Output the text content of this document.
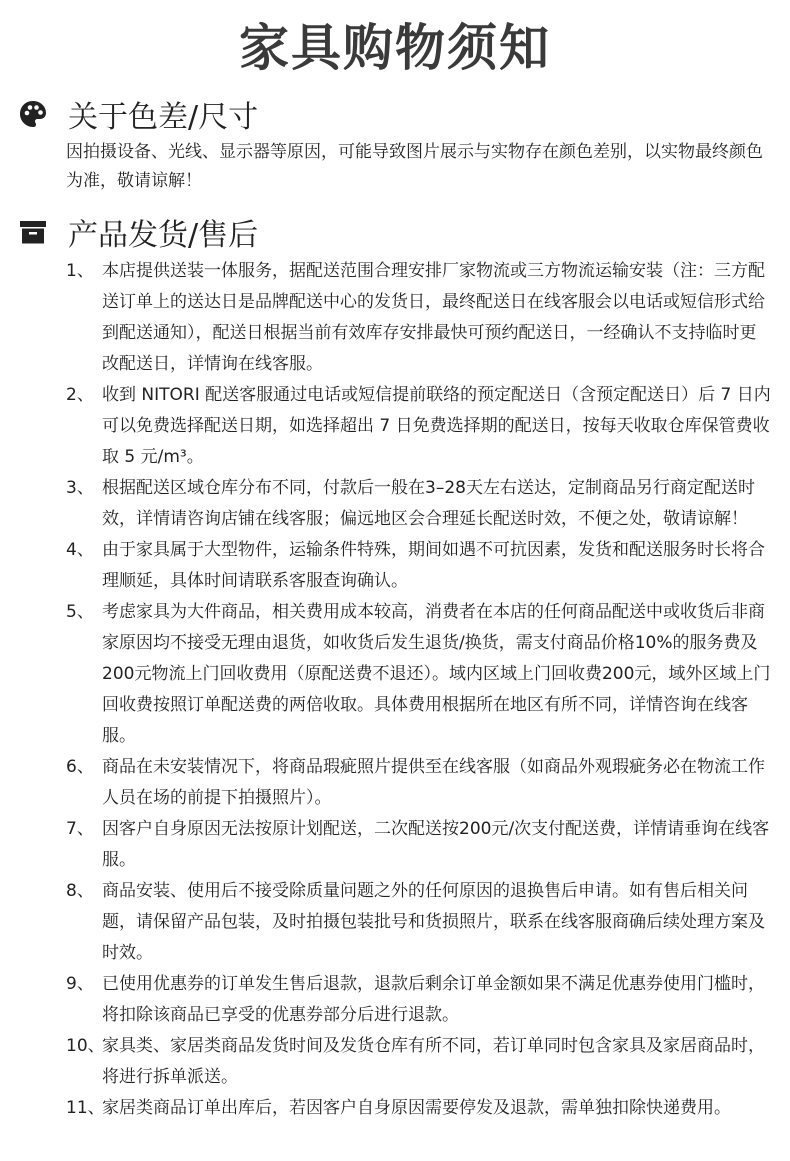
家具购物须知
关于色差/尺寸

因拍摄设备、光线、显示器等原因，可能导致图片展示与实物存在颜色差别，以实物最终颜色为准，敬请谅解！

产品发货/售后
1、 本店提供送装一体服务，据配送范围合理安排厂家物流或三方物流运输安装（注：三方配送订单上的送达日是品牌配送中心的发货日，最终配送日在线客服会以电话或短信形式给到配送通知），配送日根据当前有效库存安排最快可预约配送日，一经确认不支持临时更改配送日，详情询在线客服。
2、 收到 NITORI 配送客服通过电话或短信提前联络的预定配送日（含预定配送日）后 7 日内可以免费选择配送日期，如选择超出 7 日免费选择期的配送日，按每天收取仓库保管费收取 5 元/m³。
3、 根据配送区域仓库分布不同，付款后一般在3–28天左右送达，定制商品另行商定配送时效，详情请咨询店铺在线客服；偏远地区会合理延长配送时效，不便之处，敬请谅解！
4、 由于家具属于大型物件，运输条件特殊，期间如遇不可抗因素，发货和配送服务时长将合理顺延，具体时间请联系客服查询确认。
5、 考虑家具为大件商品，相关费用成本较高，消费者在本店的任何商品配送中或收货后非商家原因均不接受无理由退货，如收货后发生退货/换货，需支付商品价格10%的服务费及200元物流上门回收费用（原配送费不退还）。域内区域上门回收费200元，域外区域上门回收费按照订单配送费的两倍收取。具体费用根据所在地区有所不同，详情咨询在线客服。
6、 商品在未安装情况下，将商品瑕疵照片提供至在线客服（如商品外观瑕疵务必在物流工作人员在场的前提下拍摄照片）。
7、 因客户自身原因无法按原计划配送，二次配送按200元/次支付配送费，详情请垂询在线客服。
8、 商品安装、使用后不接受除质量问题之外的任何原因的退换售后申请。如有售后相关问题，请保留产品包装，及时拍摄包装批号和货损照片，联系在线客服商确后续处理方案及时效。
9、 已使用优惠券的订单发生售后退款，退款后剩余订单金额如果不满足优惠券使用门槛时，将扣除该商品已享受的优惠券部分后进行退款。
10、
家具类、家居类商品发货时间及发货仓库有所不同，若订单同时包含家具及家居商品时，将进行拆单派送。
11、
家居类商品订单出库后，若因客户自身原因需要停发及退款，需单独扣除快递费用。
